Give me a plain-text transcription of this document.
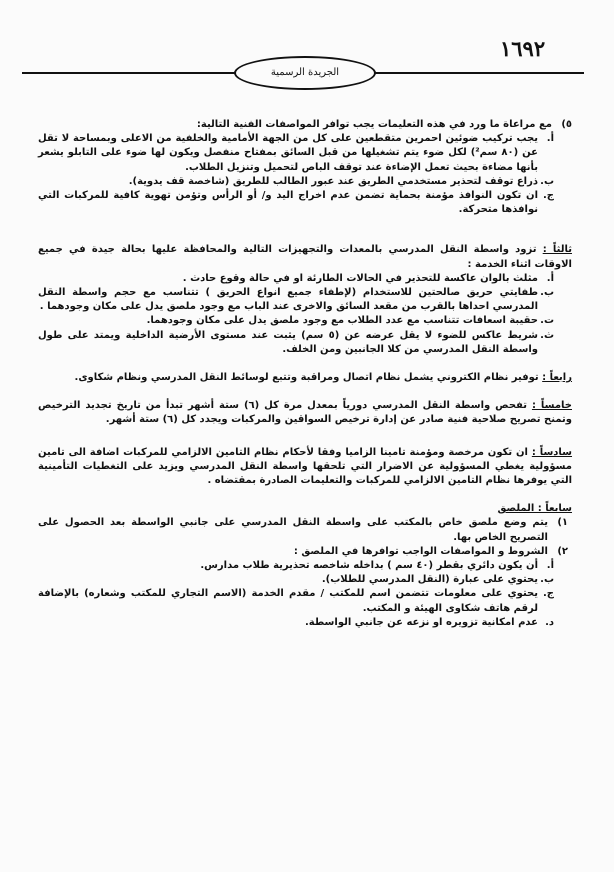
١٦٩٢
الجريدة الرسمية
٥)
مع مراعاة ما ورد في هذه التعليمات يجب توافر المواصفات الفنية التالية:
أ.
يجب تركيب ضوئين احمرين متقطعين على كل من الجهة الأمامية والخلفية من الاعلى وبمساحة لا تقل عن (٨٠ سم²) لكل ضوء يتم تشغيلها من قبل السائق بمفتاح منفصل ويكون لها ضوء على التابلو يشعر بأنها مضاءة بحيث تعمل الإضاءة عند توقف الباص لتحميل وتنزيل الطلاب.
ب.
ذراع توقف لتحذير مستخدمي الطريق عند عبور الطالب للطريق (شاخصة قف يدوية).
ج.
ان تكون النوافذ مؤمنة بحماية تضمن عدم اخراج اليد و/ أو الرأس وتؤمن تهوية كافية للمركبات التي نوافذها متحركة.
ثالثاً : تزود واسطة النقل المدرسي بالمعدات والتجهيزات التالية والمحافظة عليها بحالة جيدة في جميع الاوقات اثناء الخدمة :
أ.
مثلث بالوان عاكسة للتحذير في الحالات الطارئة او في حالة وقوع حادث .
ب.
طفايتي حريق صالحتين للاستخدام (لإطفاء جميع انواع الحريق ) تتناسب مع حجم واسطة النقل المدرسي احداها بالقرب من مقعد السائق والاخرى عند الباب مع وجود ملصق يدل على مكان وجودهما .
ت.
حقيبة اسعافات تتناسب مع عدد الطلاب مع وجود ملصق يدل على مكان وجودهما.
ث.
شريط عاكس للضوء لا يقل عرضه عن (٥ سم) يثبت عند مستوى الأرضية الداخلية ويمتد على طول واسطة النقل المدرسي من كلا الجانبين ومن الخلف.
رابعاً : توفير نظام الكتروني يشمل نظام اتصال ومراقبة وتتبع لوسائط النقل المدرسي ونظام شكاوى.
خامساً : تفحص واسطة النقل المدرسي دورياً بمعدل مرة كل (٦) ستة أشهر تبدأ من تاريخ تجديد الترخيص وتمنح تصريح صلاحية فنية صادر عن إدارة ترخيص السواقين والمركبات ويجدد كل (٦) ستة أشهر.
سادساً : ان تكون مرخصة ومؤمنة تامينا الزاميا وفقا لأحكام نظام التامين الالزامي للمركبات اضافة الى تامين مسؤولية يغطي المسؤولية عن الاضرار التي تلحقها واسطة النقل المدرسي ويزيد على التغطيات التأمينية التي يوفرها نظام التامين الالزامي للمركبات والتعليمات الصادرة بمقتضاه .
سابعاً : الملصق
١)
يتم وضع ملصق خاص بالمكتب على واسطة النقل المدرسي على جانبي الواسطة بعد الحصول على التصريح الخاص بها.
٢)
الشروط و المواصفات الواجب توافرها في الملصق :
أ.
أن يكون دائري بقطر (٤٠ سم ) بداخله شاخصه تحذيرية طلاب مدارس.
ب.
يحتوي على عبارة (النقل المدرسي للطلاب).
ج.
يحتوي على معلومات تتضمن اسم للمكتب / مقدم الخدمة (الاسم التجاري للمكتب وشعاره) بالإضافة لرقم هاتف شكاوى الهيئة و المكتب.
د.
عدم امكانية تزويره او نزعه عن جانبي الواسطة.
